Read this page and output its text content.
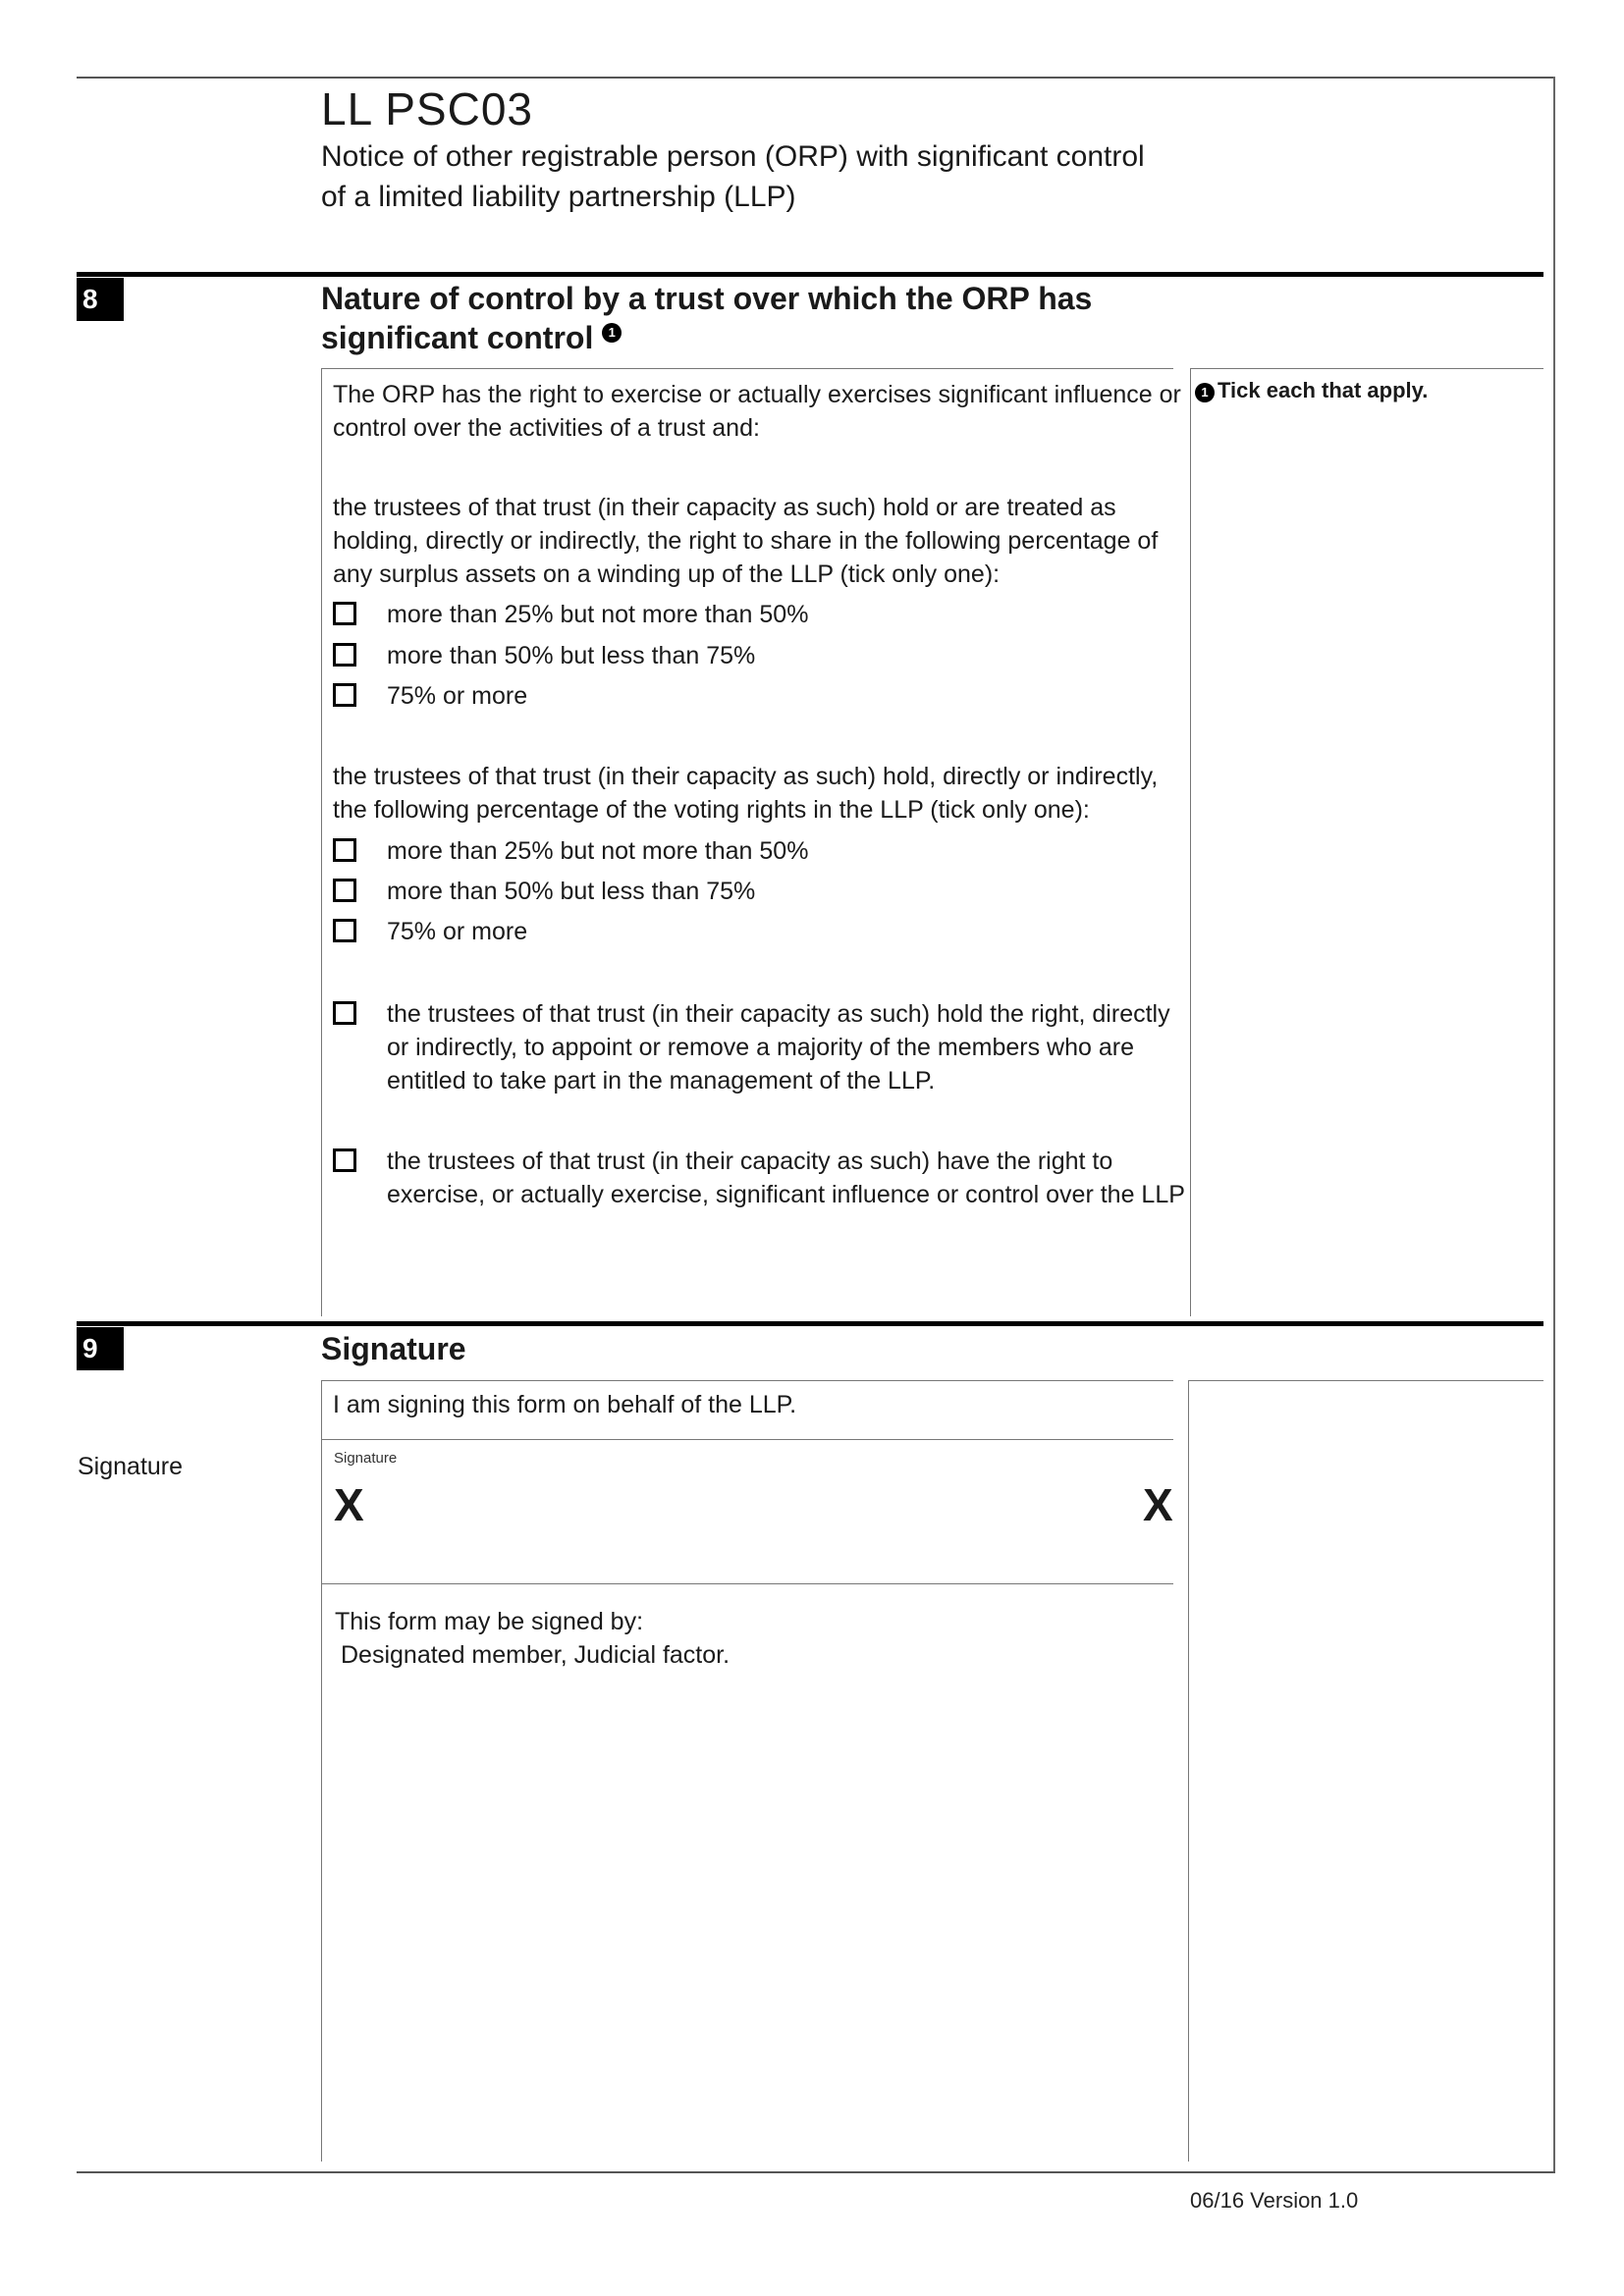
LL PSC03
Notice of other registrable person (ORP) with significant control
of a limited liability partnership (LLP)
8	Nature of control by a trust over which the ORP has
significant control 1
1 Tick each that apply.
The ORP has the right to exercise or actually exercises significant influence or
control over the activities of a trust and:
the trustees of that trust (in their capacity as such) hold or are treated as
holding, directly or indirectly, the right to share in the following percentage of
any surplus assets on a winding up of the LLP (tick only one):
more than 25% but not more than 50%
more than 50% but less than 75%
75% or more
the trustees of that trust (in their capacity as such) hold, directly or indirectly,
the following percentage of the voting rights in the LLP (tick only one):
more than 25% but not more than 50%
more than 50% but less than 75%
75% or more
the trustees of that trust (in their capacity as such) hold the right, directly
or indirectly, to appoint or remove a majority of the members who are
entitled to take part in the management of the LLP.
the trustees of that trust (in their capacity as such) have the right to
exercise, or actually exercise, significant influence or control over the LLP
9	Signature
I am signing this form on behalf of the LLP.
Signature	Signature
X	X
This form may be signed by:
Designated member, Judicial factor.
06/16 Version 1.0
